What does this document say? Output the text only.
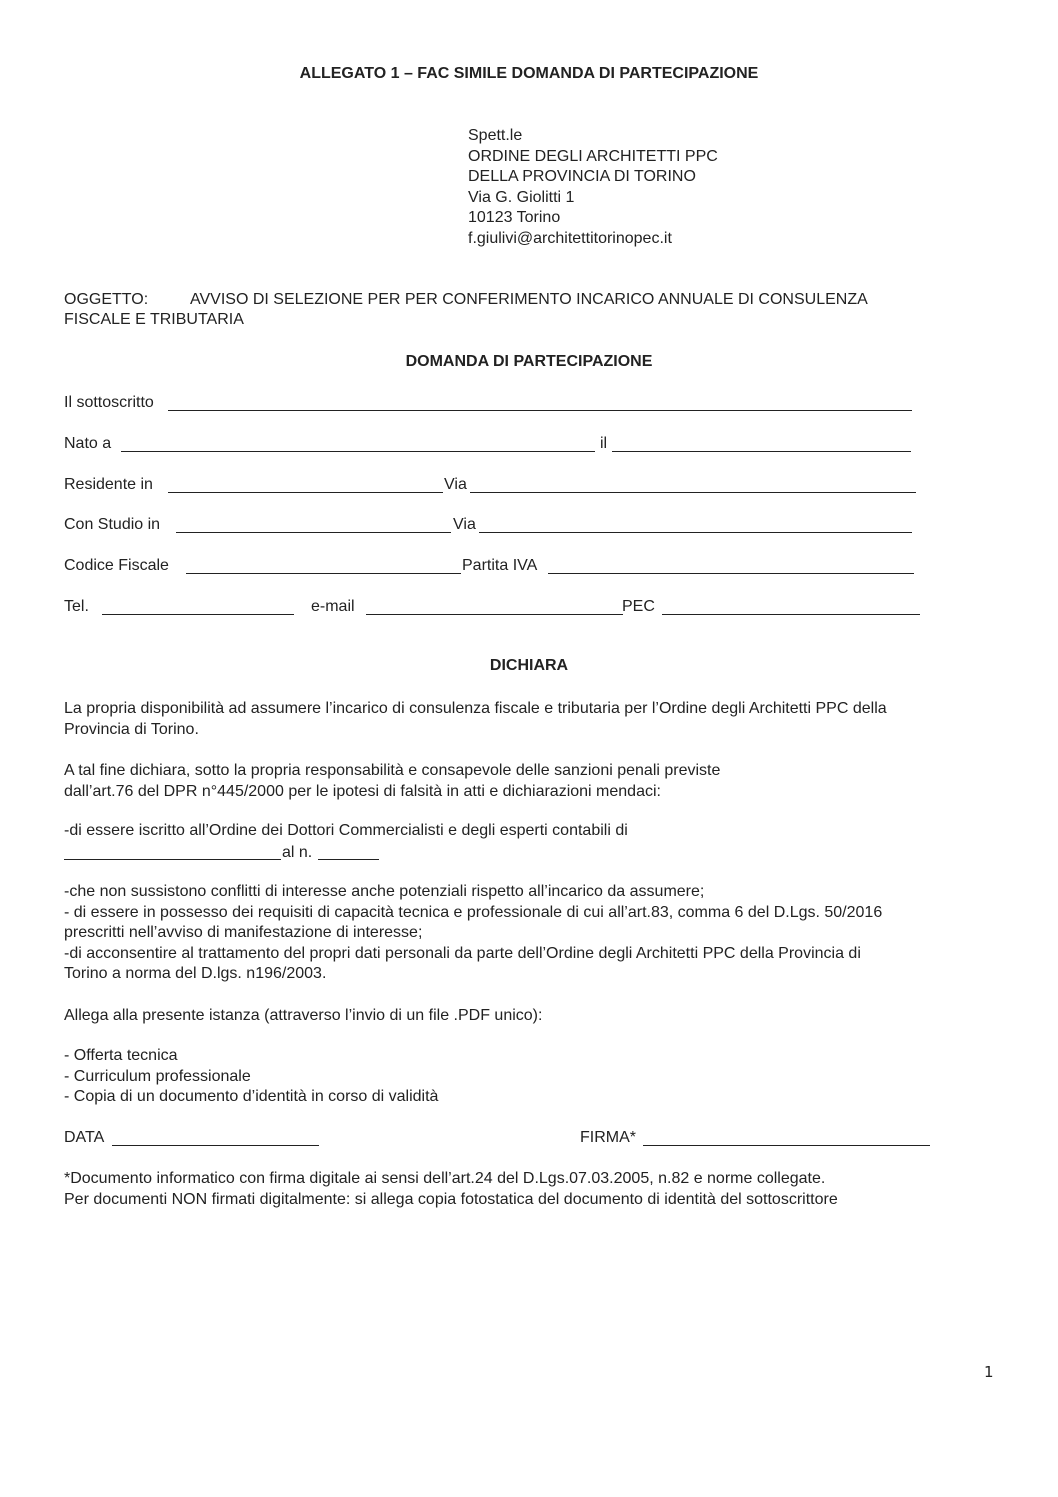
ALLEGATO 1 – FAC SIMILE DOMANDA DI PARTECIPAZIONE
Spett.le
ORDINE DEGLI ARCHITETTI PPC
DELLA PROVINCIA DI TORINO
Via G. Giolitti 1
10123 Torino
f.giulivi@architettitorinopec.it
OGGETTO:	AVVISO DI SELEZIONE PER PER CONFERIMENTO INCARICO ANNUALE DI CONSULENZA
FISCALE E TRIBUTARIA
DOMANDA DI PARTECIPAZIONE
Il sottoscritto
Nato a	il
Residente in	Via
Con Studio in	Via
Codice Fiscale	Partita IVA
Tel.	e-mail	PEC
DICHIARA
La propria disponibilità ad assumere l’incarico di consulenza fiscale e tributaria per l’Ordine degli Architetti PPC della
Provincia di Torino.
A tal fine dichiara, sotto la propria responsabilità e consapevole delle sanzioni penali previste
dall’art.76 del DPR n°445/2000 per le ipotesi di falsità in atti e dichiarazioni mendaci:
-di essere iscritto all’Ordine dei Dottori Commercialisti e degli esperti contabili di
al n.
-che non sussistono conflitti di interesse anche potenziali rispetto all’incarico da assumere;
- di essere in possesso dei requisiti di capacità tecnica e professionale di cui all’art.83, comma 6 del D.Lgs. 50/2016
prescritti nell’avviso di manifestazione di interesse;
-di acconsentire al trattamento del propri dati personali da parte dell’Ordine degli Architetti PPC della Provincia di
Torino a norma del D.lgs. n196/2003.
Allega alla presente istanza (attraverso l’invio di un file .PDF unico):
- Offerta tecnica
- Curriculum professionale
- Copia di un documento d’identità in corso di validità
DATA	FIRMA*
*Documento informatico con firma digitale ai sensi dell’art.24 del D.Lgs.07.03.2005, n.82 e norme collegate.
Per documenti NON firmati digitalmente: si allega copia fotostatica del documento di identità del sottoscrittore
1
